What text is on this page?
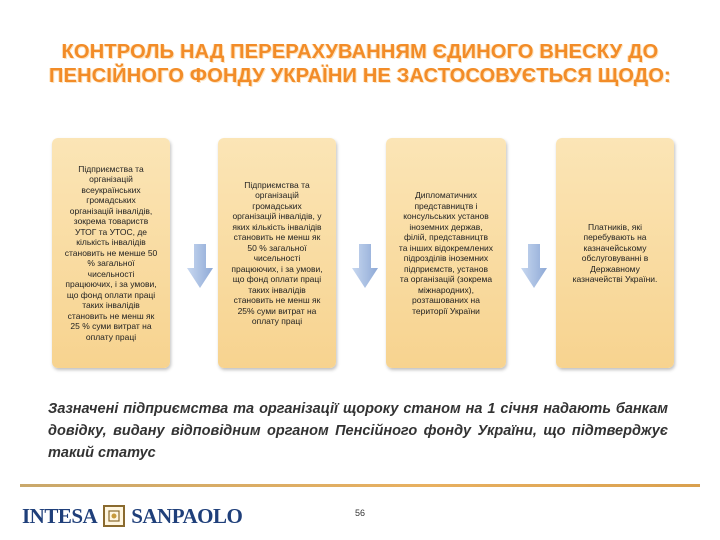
КОНТРОЛЬ НАД ПЕРЕРАХУВАННЯМ ЄДИНОГО ВНЕСКУ ДО ПЕНСІЙНОГО ФОНДУ УКРАЇНИ НЕ ЗАСТОСОВУЄТЬСЯ ЩОДО:
Підприємства та
організацій
всеукраїнських
громадських
організацій інвалідів,
зокрема товариств
УТОГ та УТОС, де
кількість інвалідів
становить не менше 50
% загальної
чисельності
працюючих, і за умови,
що фонд оплати праці
таких інвалідів
становить не менш як
25 % суми витрат на
оплату праці
Підприємства та
організацій
громадських
організацій інвалідів, у
яких кількість інвалідів
становить не менш як
50 % загальної
чисельності
працюючих, і за умови,
що фонд оплати праці
таких інвалідів
становить не менш як
25% суми витрат на
оплату праці
Дипломатичних
представництв і
консульських установ
іноземних держав,
філій, представництв
та інших відокремлених
підрозділів іноземних
підприємств, установ
та організацій (зокрема
міжнародних),
розташованих на
території України
Платників, які
перебувають на
казначейському
обслуговуванні в
Державному
казначействі України.
Зазначені підприємства та організації щороку станом на 1 січня надають банкам довідку, видану відповідним органом Пенсійного фонду України, що підтверджує такий статус
INTESA SANPAOLO	56
